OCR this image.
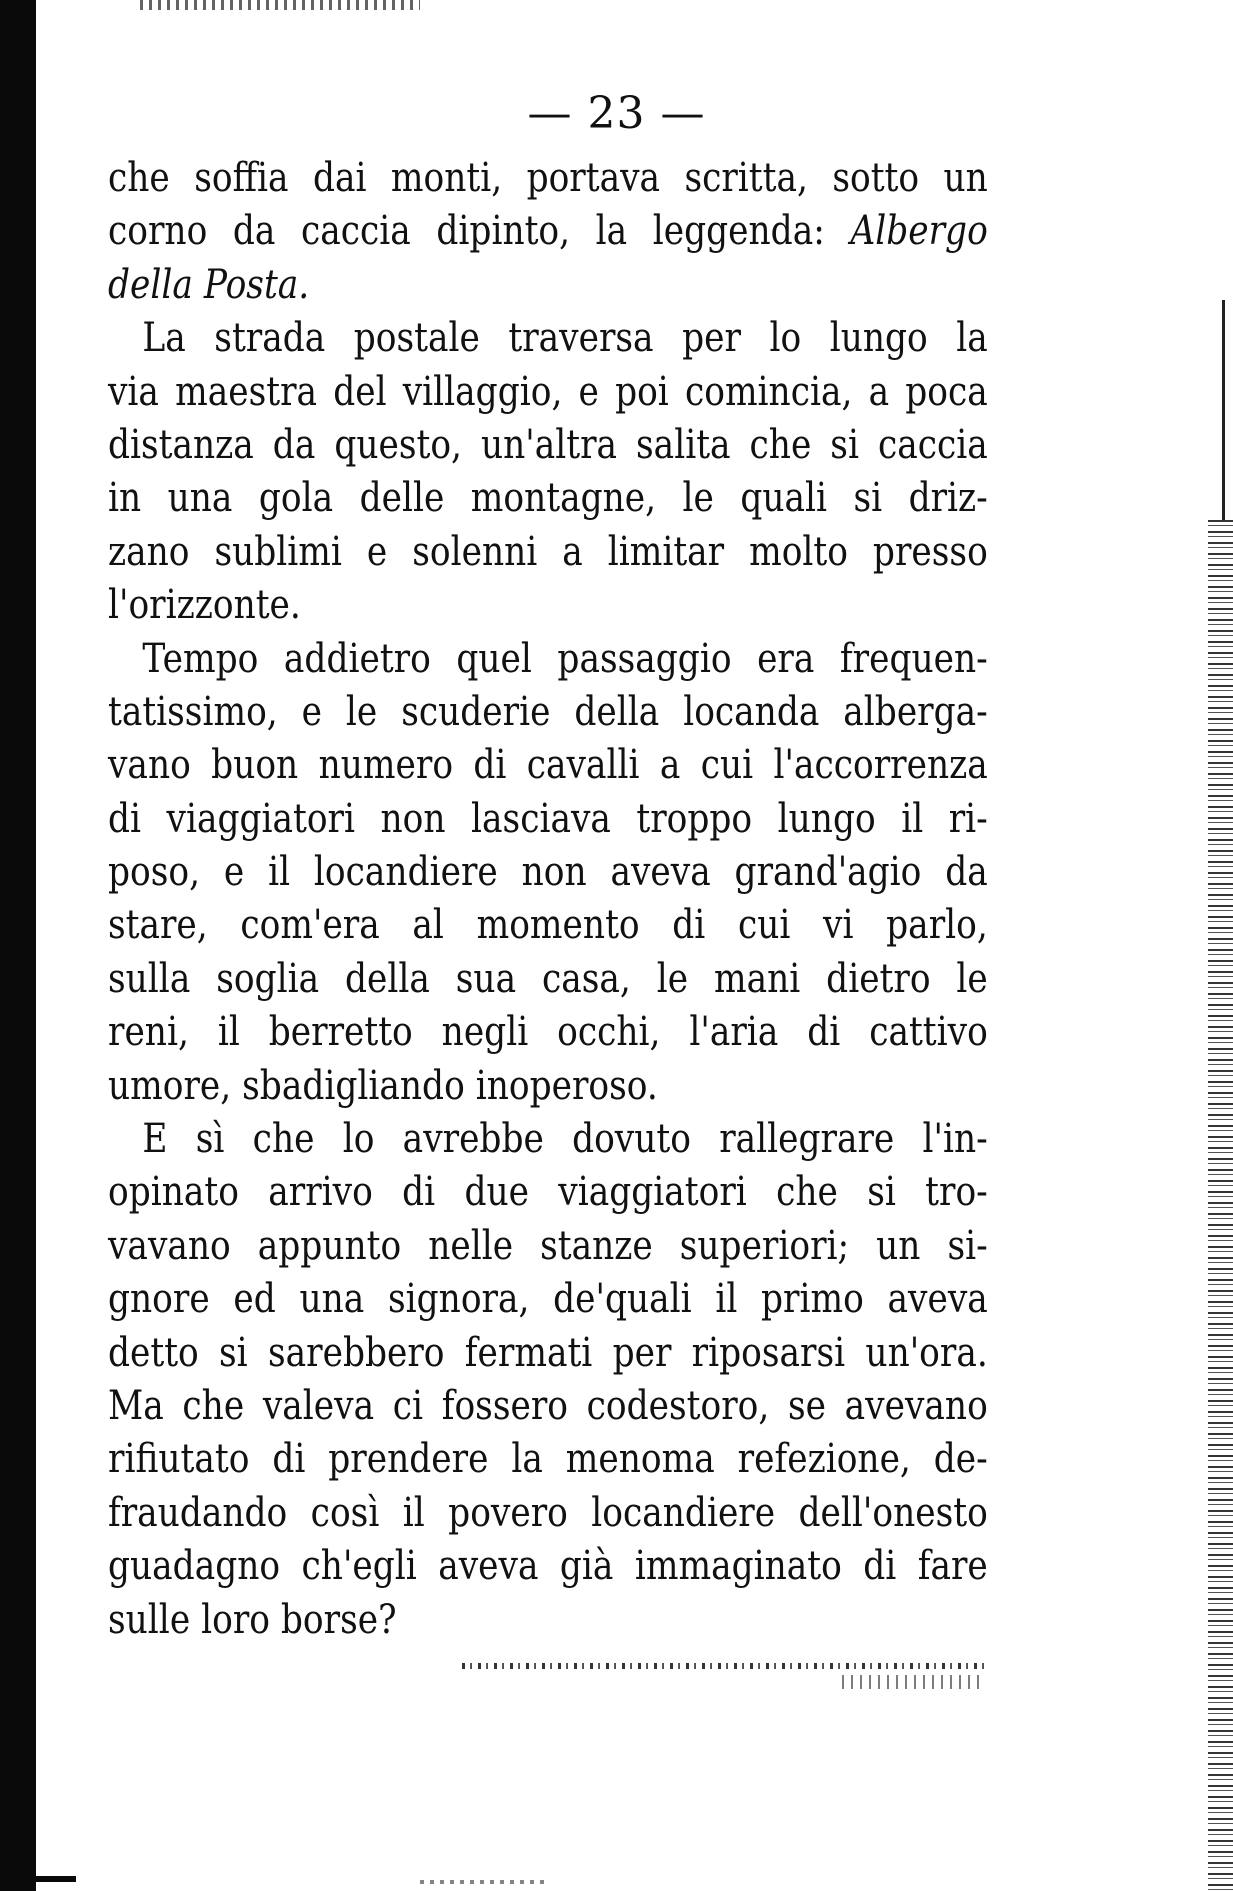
— 23 —
che soffia dai monti, portava scritta, sotto un
corno da caccia dipinto, la leggenda: Albergo
della Posta.
La strada postale traversa per lo lungo la
via maestra del villaggio, e poi comincia, a poca
distanza da questo, un'altra salita che si caccia
in una gola delle montagne, le quali si driz-
zano sublimi e solenni a limitar molto presso
l'orizzonte.
Tempo addietro quel passaggio era frequen-
tatissimo, e le scuderie della locanda alberga-
vano buon numero di cavalli a cui l'accorrenza
di viaggiatori non lasciava troppo lungo il ri-
poso, e il locandiere non aveva grand'agio da
stare, com'era al momento di cui vi parlo,
sulla soglia della sua casa, le mani dietro le
reni, il berretto negli occhi, l'aria di cattivo
umore, sbadigliando inoperoso.
E sì che lo avrebbe dovuto rallegrare l'in-
opinato arrivo di due viaggiatori che si tro-
vavano appunto nelle stanze superiori; un si-
gnore ed una signora, de'quali il primo aveva
detto si sarebbero fermati per riposarsi un'ora.
Ma che valeva ci fossero codestoro, se avevano
rifiutato di prendere la menoma refezione, de-
fraudando così il povero locandiere dell'onesto
guadagno ch'egli aveva già immaginato di fare
sulle loro borse?
